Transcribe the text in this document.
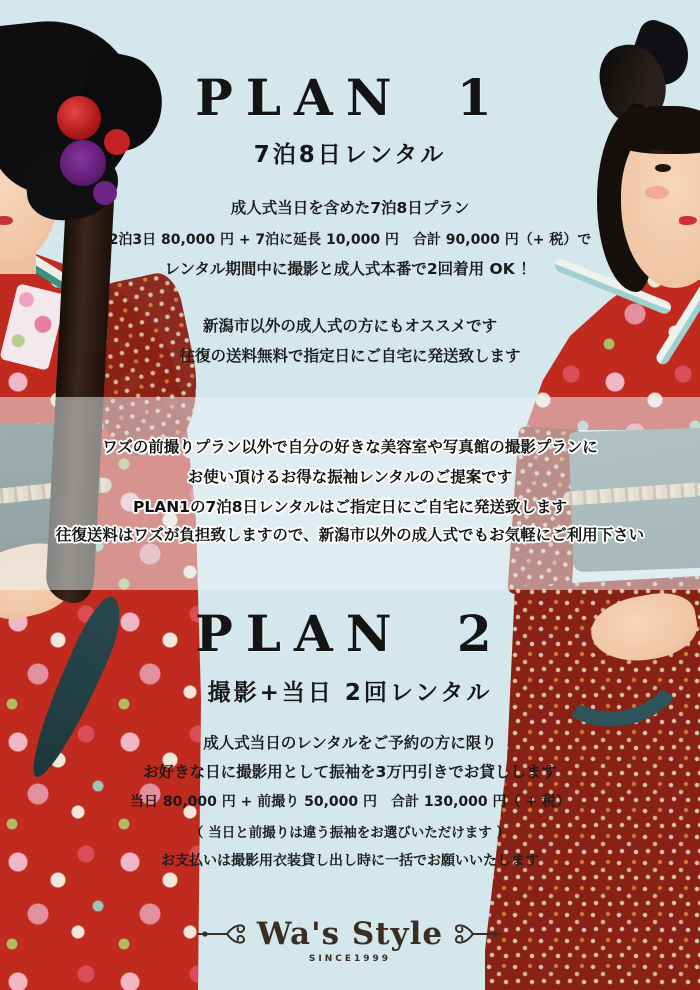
PLAN 1
7泊8日レンタル
成人式当日を含めた7泊8日プラン
2泊3日 80,000 円 + 7泊に延長 10,000 円　合計 90,000 円（+ 税）で
レンタル期間中に撮影と成人式本番で2回着用 OK ！
新潟市以外の成人式の方にもオススメです
往復の送料無料で指定日にご自宅に発送致します
ワズの前撮りプラン以外で自分の好きな美容室や写真館の撮影プランに
お使い頂けるお得な振袖レンタルのご提案です
PLAN1の7泊8日レンタルはご指定日にご自宅に発送致します
往復送料はワズが負担致しますので、新潟市以外の成人式でもお気軽にご利用下さい
PLAN 2
撮影+当日 2回レンタル
成人式当日のレンタルをご予約の方に限り
お好きな日に撮影用として振袖を3万円引きでお貸しします
当日 80,000 円 + 前撮り 50,000 円　合計 130,000 円（ + 税）
（ 当日と前撮りは違う振袖をお選びいただけます ）
お支払いは撮影用衣装貸し出し時に一括でお願いいたします
Wa's Style
SINCE1999
